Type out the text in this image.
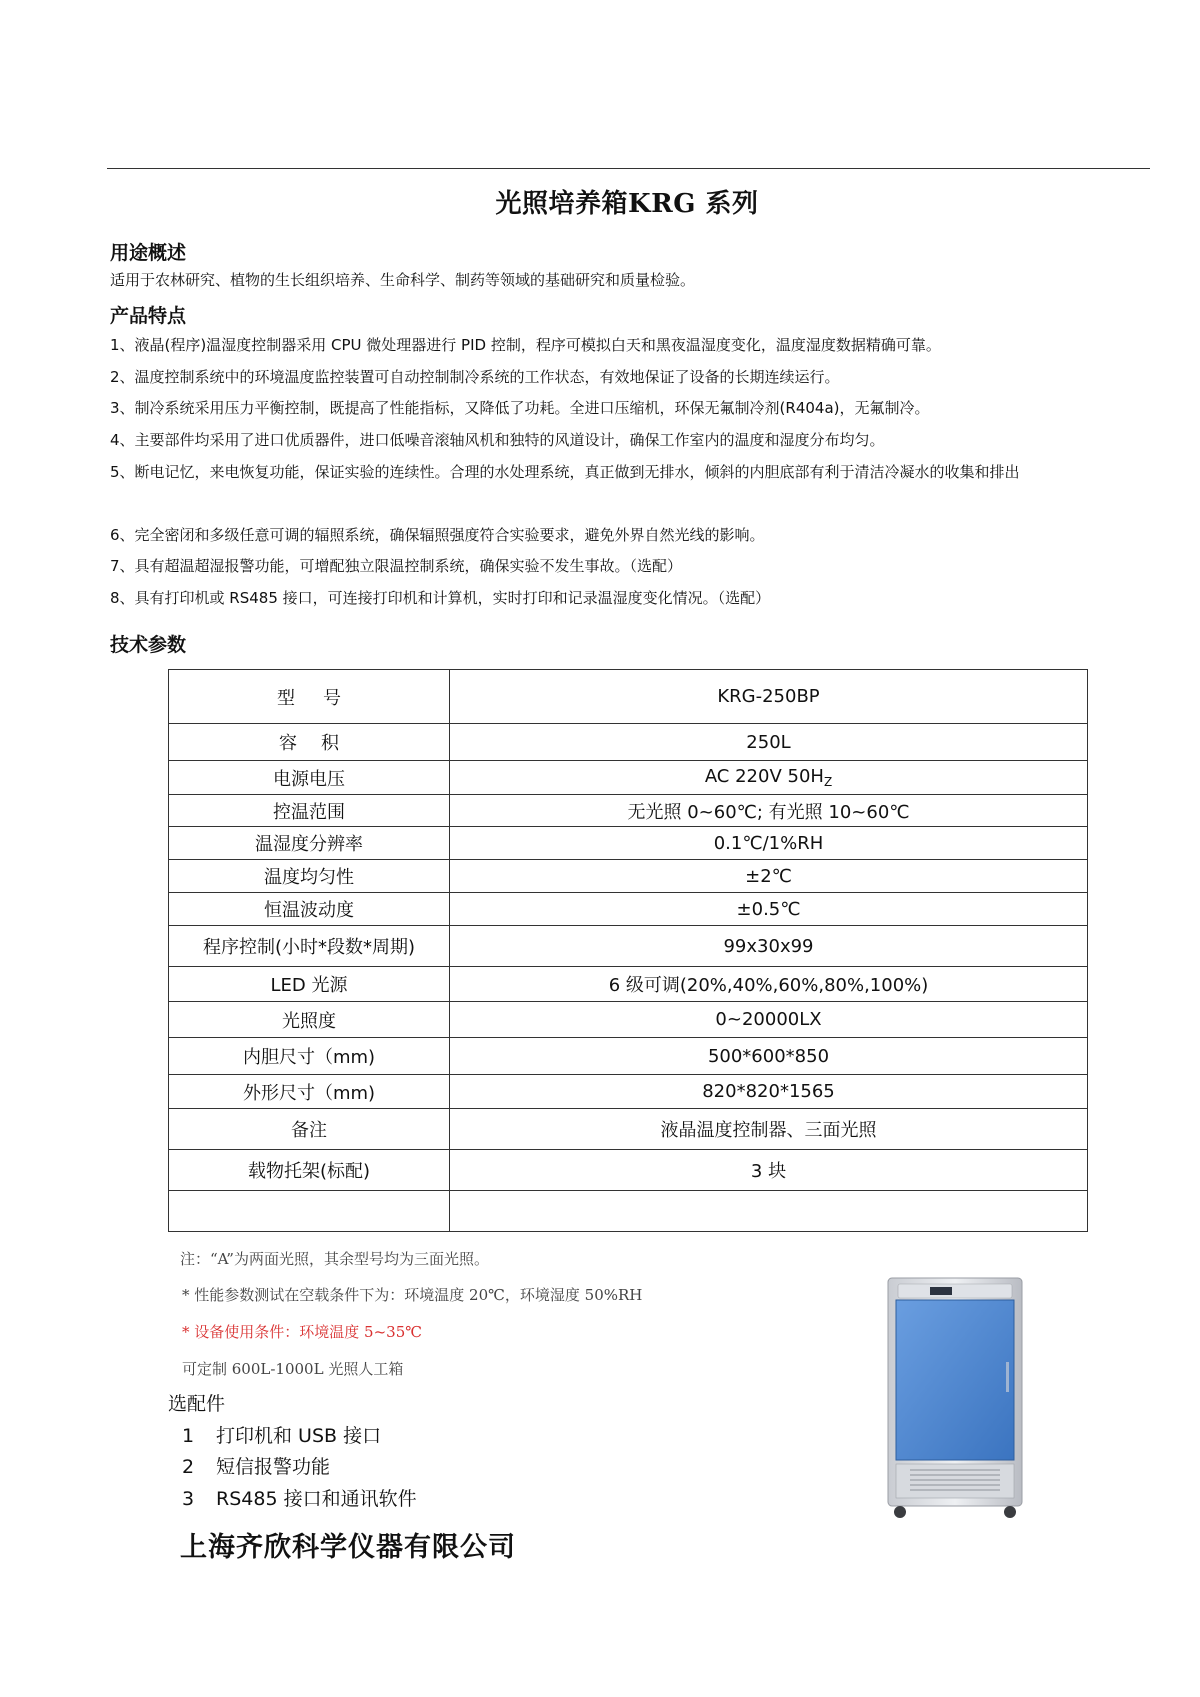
光照培养箱KRG 系列
用途概述
适用于农林研究、植物的生长组织培养、生命科学、制药等领域的基础研究和质量检验。
产品特点
1、液晶(程序)温湿度控制器采用 CPU 微处理器进行 PID 控制，程序可模拟白天和黑夜温湿度变化，温度湿度数据精确可靠。
2、温度控制系统中的环境温度监控装置可自动控制制冷系统的工作状态，有效地保证了设备的长期连续运行。
3、制冷系统采用压力平衡控制，既提高了性能指标，又降低了功耗。全进口压缩机，环保无氟制冷剂(R404a)，无氟制冷。
4、主要部件均采用了进口优质器件，进口低噪音滚轴风机和独特的风道设计，确保工作室内的温度和湿度分布均匀。
5、断电记忆，来电恢复功能，保证实验的连续性。合理的水处理系统，真正做到无排水，倾斜的内胆底部有利于清洁冷凝水的收集和排出
6、完全密闭和多级任意可调的辐照系统，确保辐照强度符合实验要求，避免外界自然光线的影响。
7、具有超温超湿报警功能，可增配独立限温控制系统，确保实验不发生事故。（选配）
8、具有打印机或 RS485 接口，可连接打印机和计算机，实时打印和记录温湿度变化情况。（选配）
技术参数
型号	KRG-250BP
容积	250L
电源电压	AC 220V 50HZ
控温范围	无光照 0~60℃; 有光照 10~60℃
温湿度分辨率	0.1℃/1%RH
温度均匀性	±2℃
恒温波动度	±0.5℃
程序控制(小时*段数*周期)	99x30x99
LED 光源	6 级可调(20%,40%,60%,80%,100%)
光照度	0~20000LX
内胆尺寸（mm)	500*600*850
外形尺寸（mm)	820*820*1565
备注	液晶温度控制器、三面光照
载物托架(标配)	3 块

注：“A”为两面光照，其余型号均为三面光照。
* 性能参数测试在空载条件下为：环境温度 20℃，环境湿度 50%RH
* 设备使用条件：环境温度 5~35℃
可定制 600L-1000L 光照人工箱
选配件
1 打印机和 USB 接口
2 短信报警功能
3 RS485 接口和通讯软件
上海齐欣科学仪器有限公司
